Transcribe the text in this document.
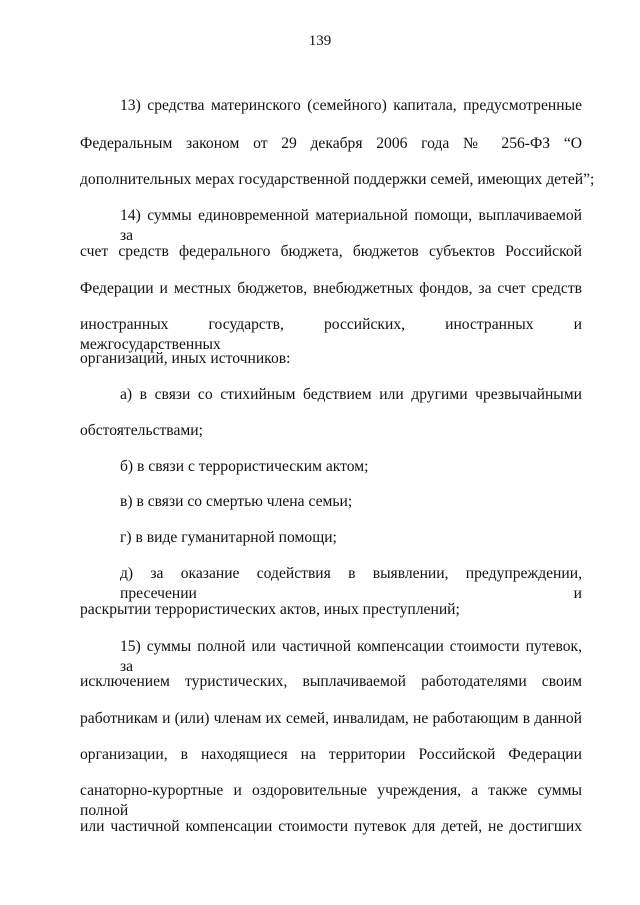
139
13) средства материнского (семейного) капитала, предусмотренные
Федеральным законом от 29 декабря 2006 года № 256-ФЗ “О
дополнительных мерах государственной поддержки семей, имеющих детей”;
14) суммы единовременной материальной помощи, выплачиваемой за
счет средств федерального бюджета, бюджетов субъектов Российской
Федерации и местных бюджетов, внебюджетных фондов, за счет средств
иностранных государств, российских, иностранных и межгосударственных
организаций, иных источников:
а) в связи со стихийным бедствием или другими чрезвычайными
обстоятельствами;
б) в связи с террористическим актом;
в) в связи со смертью члена семьи;
г) в виде гуманитарной помощи;
д) за оказание содействия в выявлении, предупреждении, пресечении и
раскрытии террористических актов, иных преступлений;
15) суммы полной или частичной компенсации стоимости путевок, за
исключением туристических, выплачиваемой работодателями своим
работникам и (или) членам их семей, инвалидам, не работающим в данной
организации, в находящиеся на территории Российской Федерации
санаторно-курортные и оздоровительные учреждения, а также суммы полной
или частичной компенсации стоимости путевок для детей, не достигших
